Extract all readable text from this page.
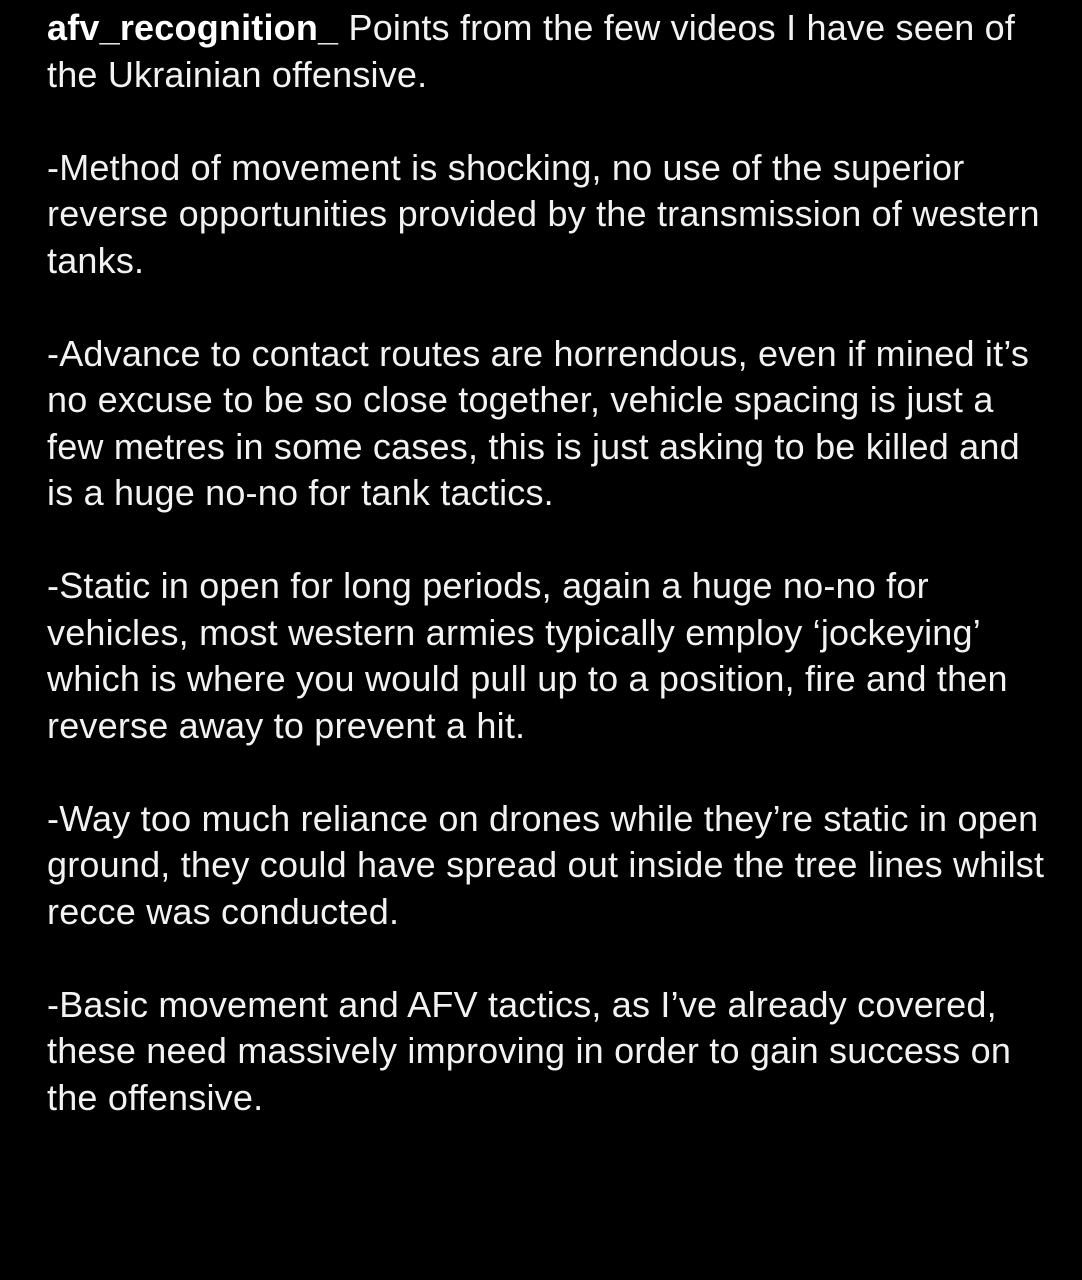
afv_recognition_ Points from the few videos I have seen of the Ukrainian offensive.

-Method of movement is shocking, no use of the superior reverse opportunities provided by the transmission of western tanks.

-Advance to contact routes are horrendous, even if mined it’s no excuse to be so close together, vehicle spacing is just a few metres in some cases, this is just asking to be killed and is a huge no-no for tank tactics.

-Static in open for long periods, again a huge no-no for vehicles, most western armies typically employ ‘jockeying’ which is where you would pull up to a position, fire and then reverse away to prevent a hit.

-Way too much reliance on drones while they’re static in open ground, they could have spread out inside the tree lines whilst recce was conducted.

-Basic movement and AFV tactics, as I’ve already covered, these need massively improving in order to gain success on the offensive.
